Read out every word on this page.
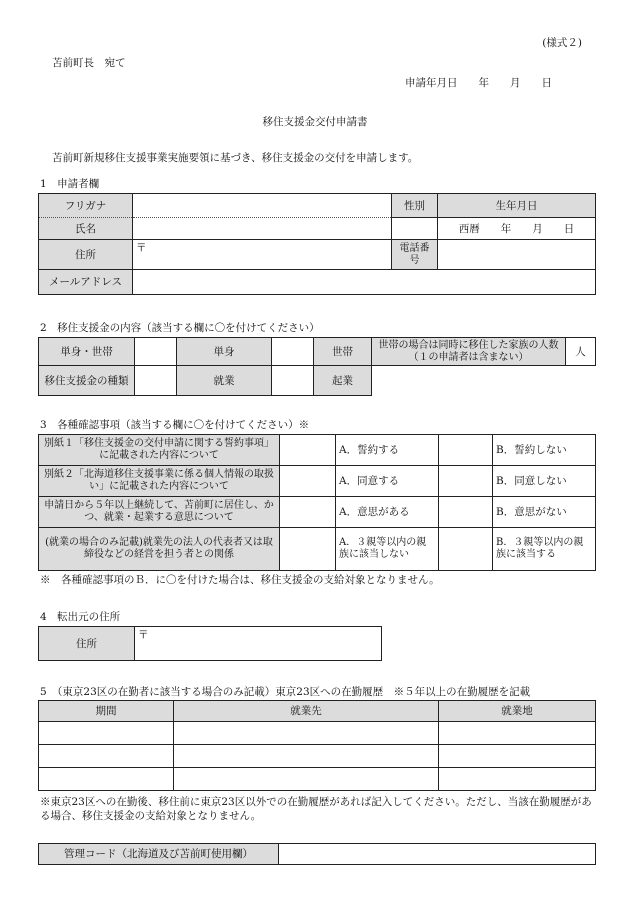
(様式２)
苫前町長　宛て
申請年月日　　年　　月　　日
移住支援金交付申請書
苫前町新規移住支援事業実施要領に基づき、移住支援金の交付を申請します。
1　申請者欄
フリガナ		性別	生年月日
氏名			西暦　　年　　月　　日
住所	〒	電話番号	
メールアドレス			
2　移住支援金の内容（該当する欄に〇を付けてください）
単身・世帯		単身		世帯	世帯の場合は同時に移住した家族の人数（１の申請者は含まない）	人
移住支援金の種類		就業		起業		
3　各種確認事項（該当する欄に〇を付けてください）※
別紙１「移住支援金の交付申請に関する誓約事項」に記載された内容について		A．誓約する		B．誓約しない
別紙２「北海道移住支援事業に係る個人情報の取扱い」に記載された内容について		A．同意する		B．同意しない
申請日から５年以上継続して、苫前町に居住し、かつ、就業・起業する意思について		A．意思がある		B．意思がない
(就業の場合のみ記載)就業先の法人の代表者又は取締役などの経営を担う者との関係		A．３親等以内の親族に該当しない		B．３親等以内の親族に該当する
※　各種確認事項のＢ．に〇を付けた場合は、移住支援金の支給対象となりません。
4　転出元の住所
住所	〒
5　（東京23区の在勤者に該当する場合のみ記載）東京23区への在勤履歴　※５年以上の在勤履歴を記載
期間	就業先	就業地

※東京23区への在勤後、移住前に東京23区以外での在勤履歴があれば記入してください。ただし、当該在勤履歴がある場合、移住支援金の支給対象となりません。
管理コード（北海道及び苫前町使用欄）	
